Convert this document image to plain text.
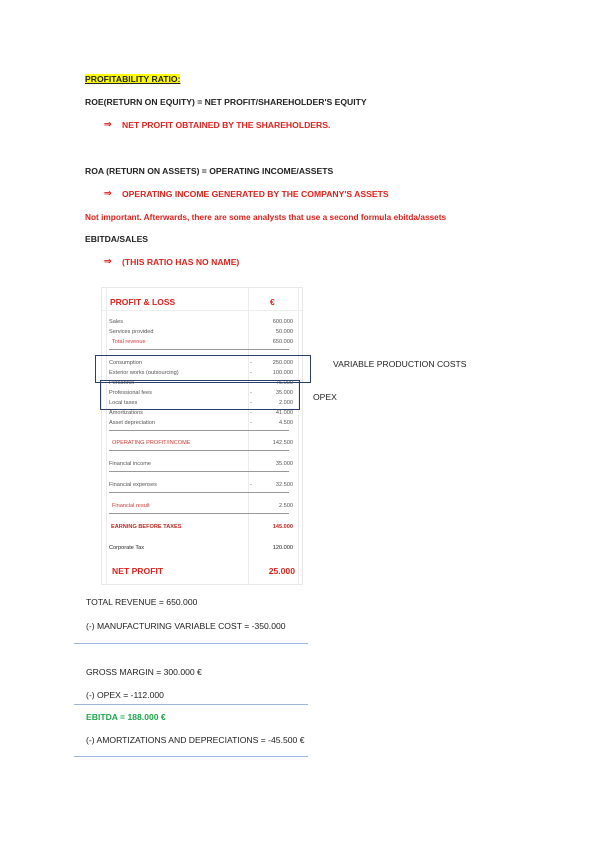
PROFITABILITY RATIO:
ROE(RETURN ON EQUITY) = NET PROFIT/SHAREHOLDER'S EQUITY
⇒ NET PROFIT OBTAINED BY THE SHAREHOLDERS.
ROA (RETURN ON ASSETS) = OPERATING INCOME/ASSETS
⇒ OPERATING INCOME GENERATED BY THE COMPANY'S ASSETS
Not important. Afterwards, there are some analysts that use a second formula ebitda/assets
EBITDA/SALES
⇒ (THIS RATIO HAS NO NAME)
PROFIT & LOSS	€
Sales	600.000
Services provided	50.000
Total revenue	650.000
Consumption	-	250.000
Exterior works (outsourcing)	-	100.000
Personnel	-	75.000
Professional fees	-	35.000
Local taxes	-	2.000
Amortizations	-	41.000
Asset depreciation	-	4.500
OPERATING PROFIT/INCOME	142.500
Financial income	35.000
Financial expenses	-	32.500
Financial result	2.500
EARNING BEFORE TAXES	145.000
Corporate Tax	120.000
NET PROFIT	25.000
VARIABLE PRODUCTION COSTS
OPEX
TOTAL REVENUE = 650.000
(-) MANUFACTURING VARIABLE COST = -350.000
GROSS MARGIN = 300.000 €
(-) OPEX = -112.000
EBITDA = 188.000 €
(-) AMORTIZATIONS AND DEPRECIATIONS = -45.500 €
